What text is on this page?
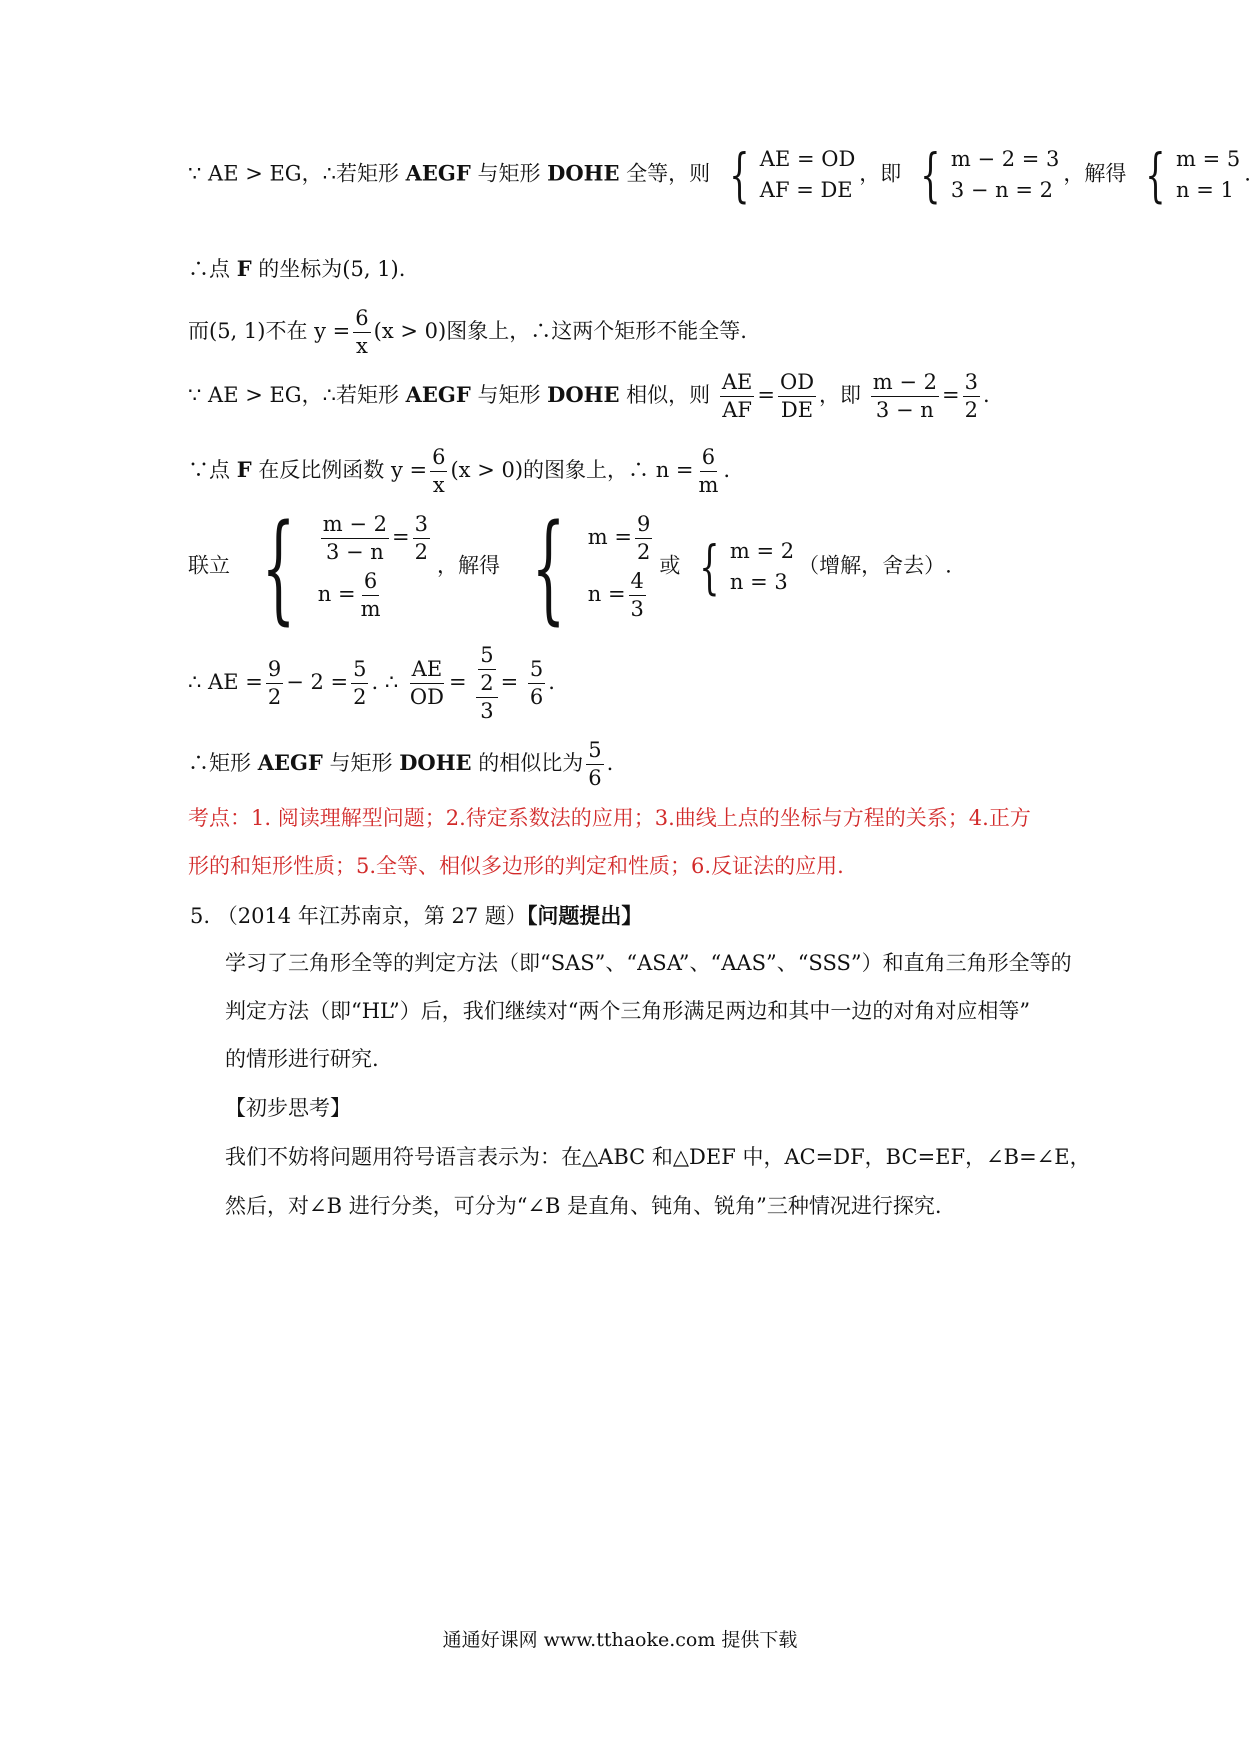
∵ AE > EG，∴若矩形 AEGF 与矩形 DOHE 全等，则 { AE = OD
AF = DE
，即 { m − 2 = 3
3 − n = 2
，解得 { m = 5
n = 1
.
∴点 F 的坐标为(5, 1).
而(5, 1)不在 $y = \frac{6}{x} (x > 0)$图象上，∴这两个矩形不能全等.
∵ AE > EG，∴若矩形 AEGF 与矩形 DOHE 相似，则 $\frac{AE}{AF} = \frac{OD}{DE}$ ，即 $\frac{m - 2}{3 - n} = \frac{3}{2}$ .
∵点 F 在反比例函数 $y = \frac{6}{x} (x > 0)$的图象上，∴ $n = \frac{6}{m}$ .
联立 { $\frac{m - 2}{3 - n} = \frac{3}{2}$
$n = \frac{6}{m}$
，解得 { $m = \frac{9}{2}$
$n = \frac{4}{3}$
或 { m = 2
n = 3
（增解，舍去）.
∴ AE = $\frac{9}{2} - 2 = \frac{5}{2}$ . ∴ $\frac{AE}{OD} = \frac{\frac{5}{2}}{3} = \frac{5}{6}$ .
∴矩形 AEGF 与矩形 DOHE 的相似比为 $\frac{5}{6}$ .
考点：1. 阅读理解型问题；2.待定系数法的应用；3.曲线上点的坐标与方程的关系；4.正方
形的和矩形性质；5.全等、相似多边形的判定和性质；6.反证法的应用.
5. （2014 年江苏南京，第 27 题）【问题提出】
学习了三角形全等的判定方法（即“SAS”、“ASA”、“AAS”、“SSS”）和直角三角形全等的
判定方法（即“HL”）后，我们继续对“两个三角形满足两边和其中一边的对角对应相等”
的情形进行研究.
【初步思考】
我们不妨将问题用符号语言表示为：在△ABC 和△DEF 中，AC=DF，BC=EF，∠B=∠E，
然后，对∠B 进行分类，可分为“∠B 是直角、钝角、锐角”三种情况进行探究.
通通好课网 www.tthaoke.com 提供下载
